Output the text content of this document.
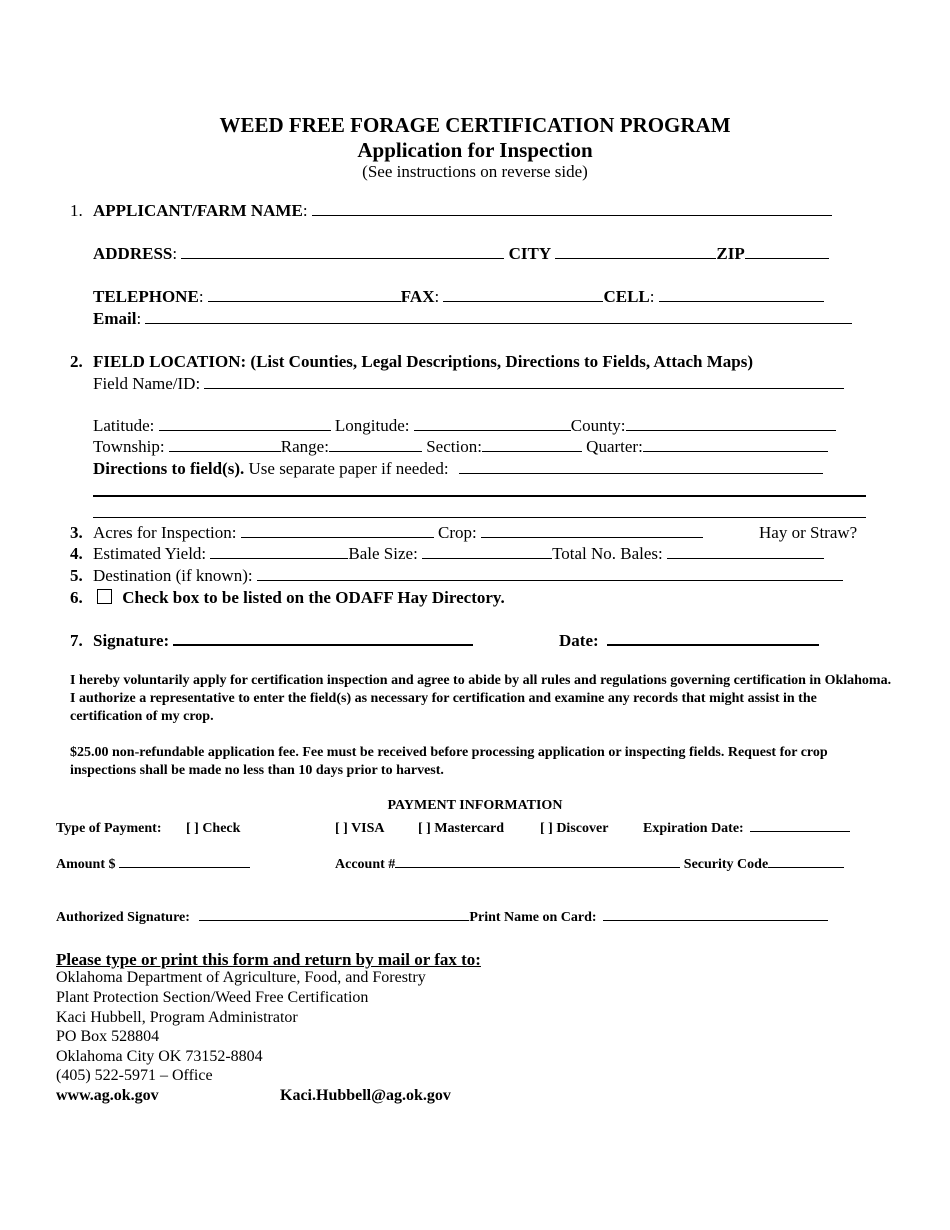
WEED FREE FORAGE CERTIFICATION PROGRAM
Application for Inspection
(See instructions on reverse side)
1. APPLICANT/FARM NAME:
ADDRESS:	CITY	ZIP
TELEPHONE:	FAX:	CELL:
Email:
2. FIELD LOCATION: (List Counties, Legal Descriptions, Directions to Fields, Attach Maps)
Field Name/ID:
Latitude:	Longitude:	County:
Township:	Range:	Section:	Quarter:
Directions to field(s). Use separate paper if needed:
3. Acres for Inspection:	Crop:	Hay or Straw?
4. Estimated Yield:	Bale Size:	Total No. Bales:
5. Destination (if known):
6.	Check box to be listed on the ODAFF Hay Directory.
7. Signature:	Date:
I hereby voluntarily apply for certification inspection and agree to abide by all rules and regulations governing certification in Oklahoma. I authorize a representative to enter the field(s) as necessary for certification and examine any records that might assist in the certification of my crop.
$25.00 non-refundable application fee. Fee must be received before processing application or inspecting fields. Request for crop inspections shall be made no less than 10 days prior to harvest.
PAYMENT INFORMATION
Type of Payment: [ ] Check	[ ] VISA [ ] Mastercard	[ ] Discover Expiration Date:
Amount $	Account #	Security Code
Authorized Signature:	Print Name on Card:
Please type or print this form and return by mail or fax to:
Oklahoma Department of Agriculture, Food, and Forestry
Plant Protection Section/Weed Free Certification
Kaci Hubbell, Program Administrator
PO Box 528804
Oklahoma City OK 73152-8804
(405) 522-5971 – Office
www.ag.ok.gov	Kaci.Hubbell@ag.ok.gov
